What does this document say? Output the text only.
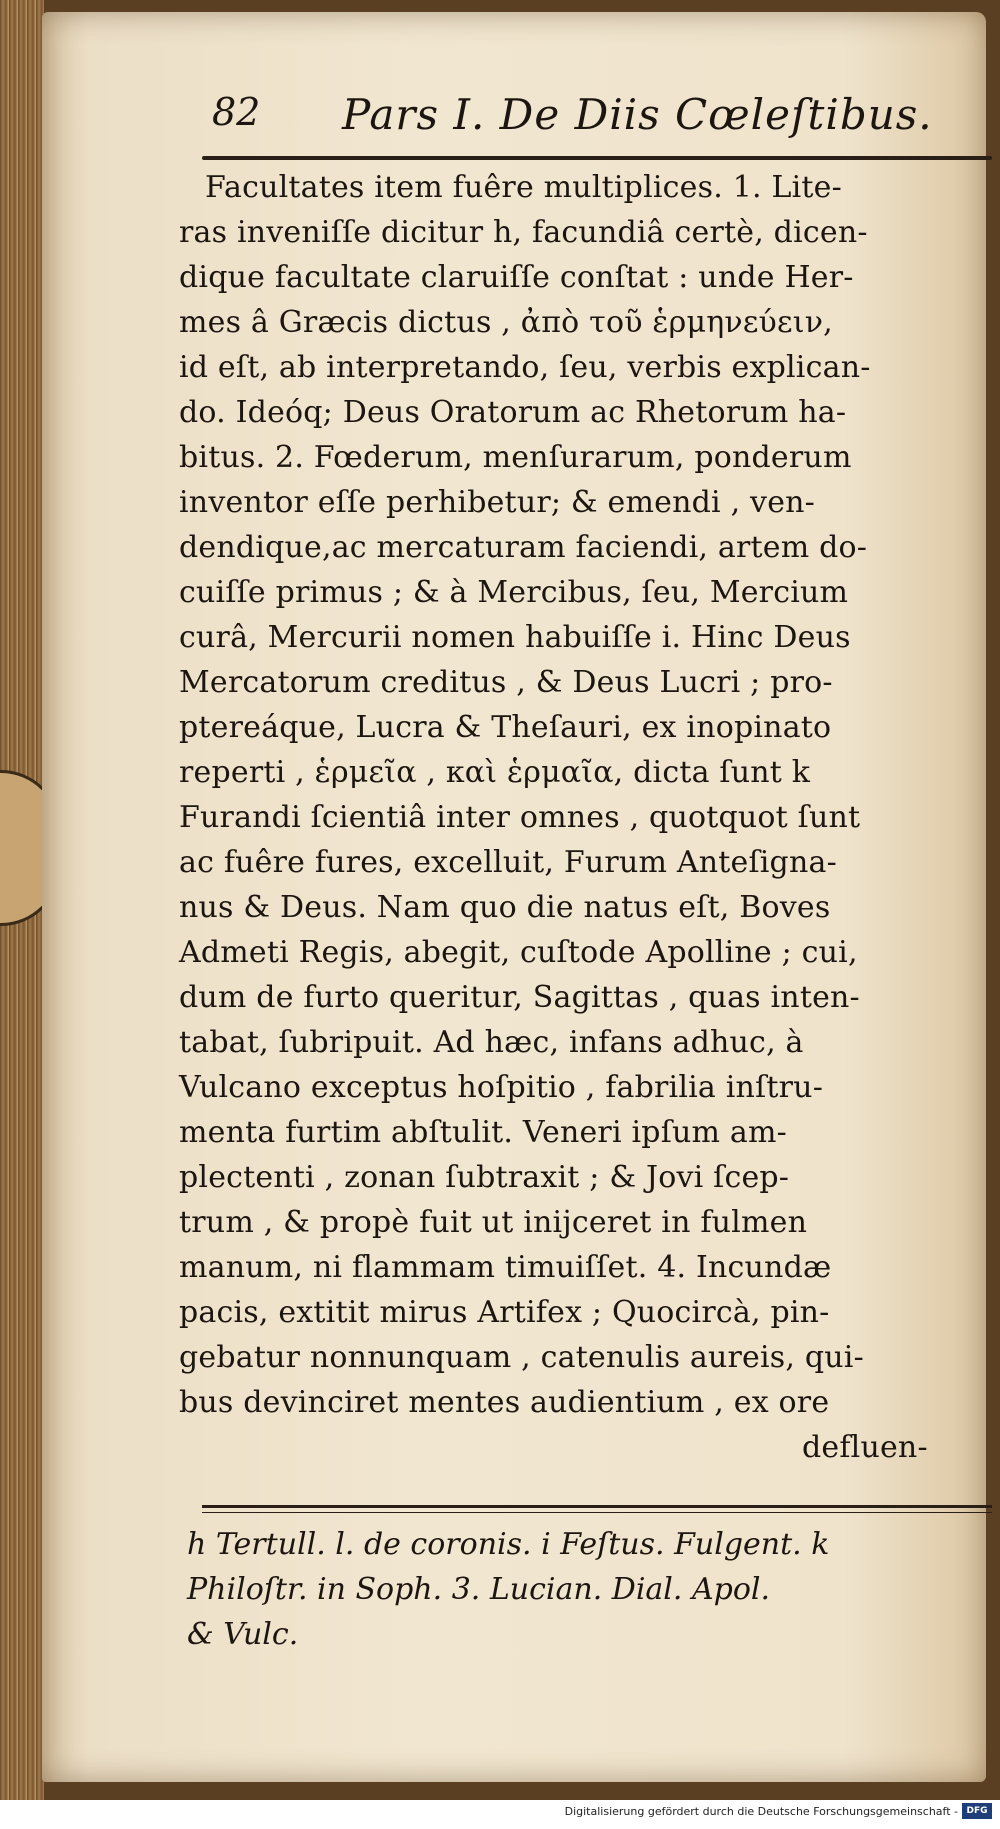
82 Pars I. De Diis Cœleſtibus.
Facultates item fuêre multiplices. 1. Lite-
ras inveniſſe dicitur h, facundiâ certè, dicen-
dique facultate claruiſſe conſtat : unde Her-
mes â Græcis dictus , ἀπὸ τοῦ ἑρμηνεύειν,
id eſt, ab interpretando, ſeu, verbis explican-
do. Ideóq; Deus Oratorum ac Rhetorum ha-
bitus. 2. Fœderum, menſurarum, ponderum
inventor eſſe perhibetur; & emendi , ven-
dendique,ac mercaturam faciendi, artem do-
cuiſſe primus ; & à Mercibus, ſeu, Mercium
curâ, Mercurii nomen habuiſſe i. Hinc Deus
Mercatorum creditus , & Deus Lucri ; pro-
ptereáque, Lucra & Theſauri, ex inopinato
reperti , ἑρμεῖα , καὶ ἑρμαῖα, dicta ſunt k
Furandi ſcientiâ inter omnes , quotquot ſunt
ac fuêre fures, excelluit, Furum Anteſigna-
nus & Deus. Nam quo die natus eſt, Boves
Admeti Regis, abegit, cuſtode Apolline ; cui,
dum de furto queritur, Sagittas , quas inten-
tabat, ſubripuit. Ad hæc, infans adhuc, à
Vulcano exceptus hoſpitio , fabrilia inſtru-
menta furtim abſtulit. Veneri ipſum am-
plectenti , zonan ſubtraxit ; & Jovi ſcep-
trum , & propè fuit ut inijceret in fulmen
manum, ni flammam timuiſſet. 4. Incundæ
pacis, extitit mirus Artifex ; Quocircà, pin-
gebatur nonnunquam , catenulis aureis, qui-
bus devinciret mentes audientium , ex ore
defluen-
h Tertull. l. de coronis. i Feſtus. Fulgent. k
Philoſtr. in Soph. 3. Lucian. Dial. Apol.
& Vulc.
Digitalisierung gefördert durch die Deutsche Forschungsgemeinschaft - DFG
